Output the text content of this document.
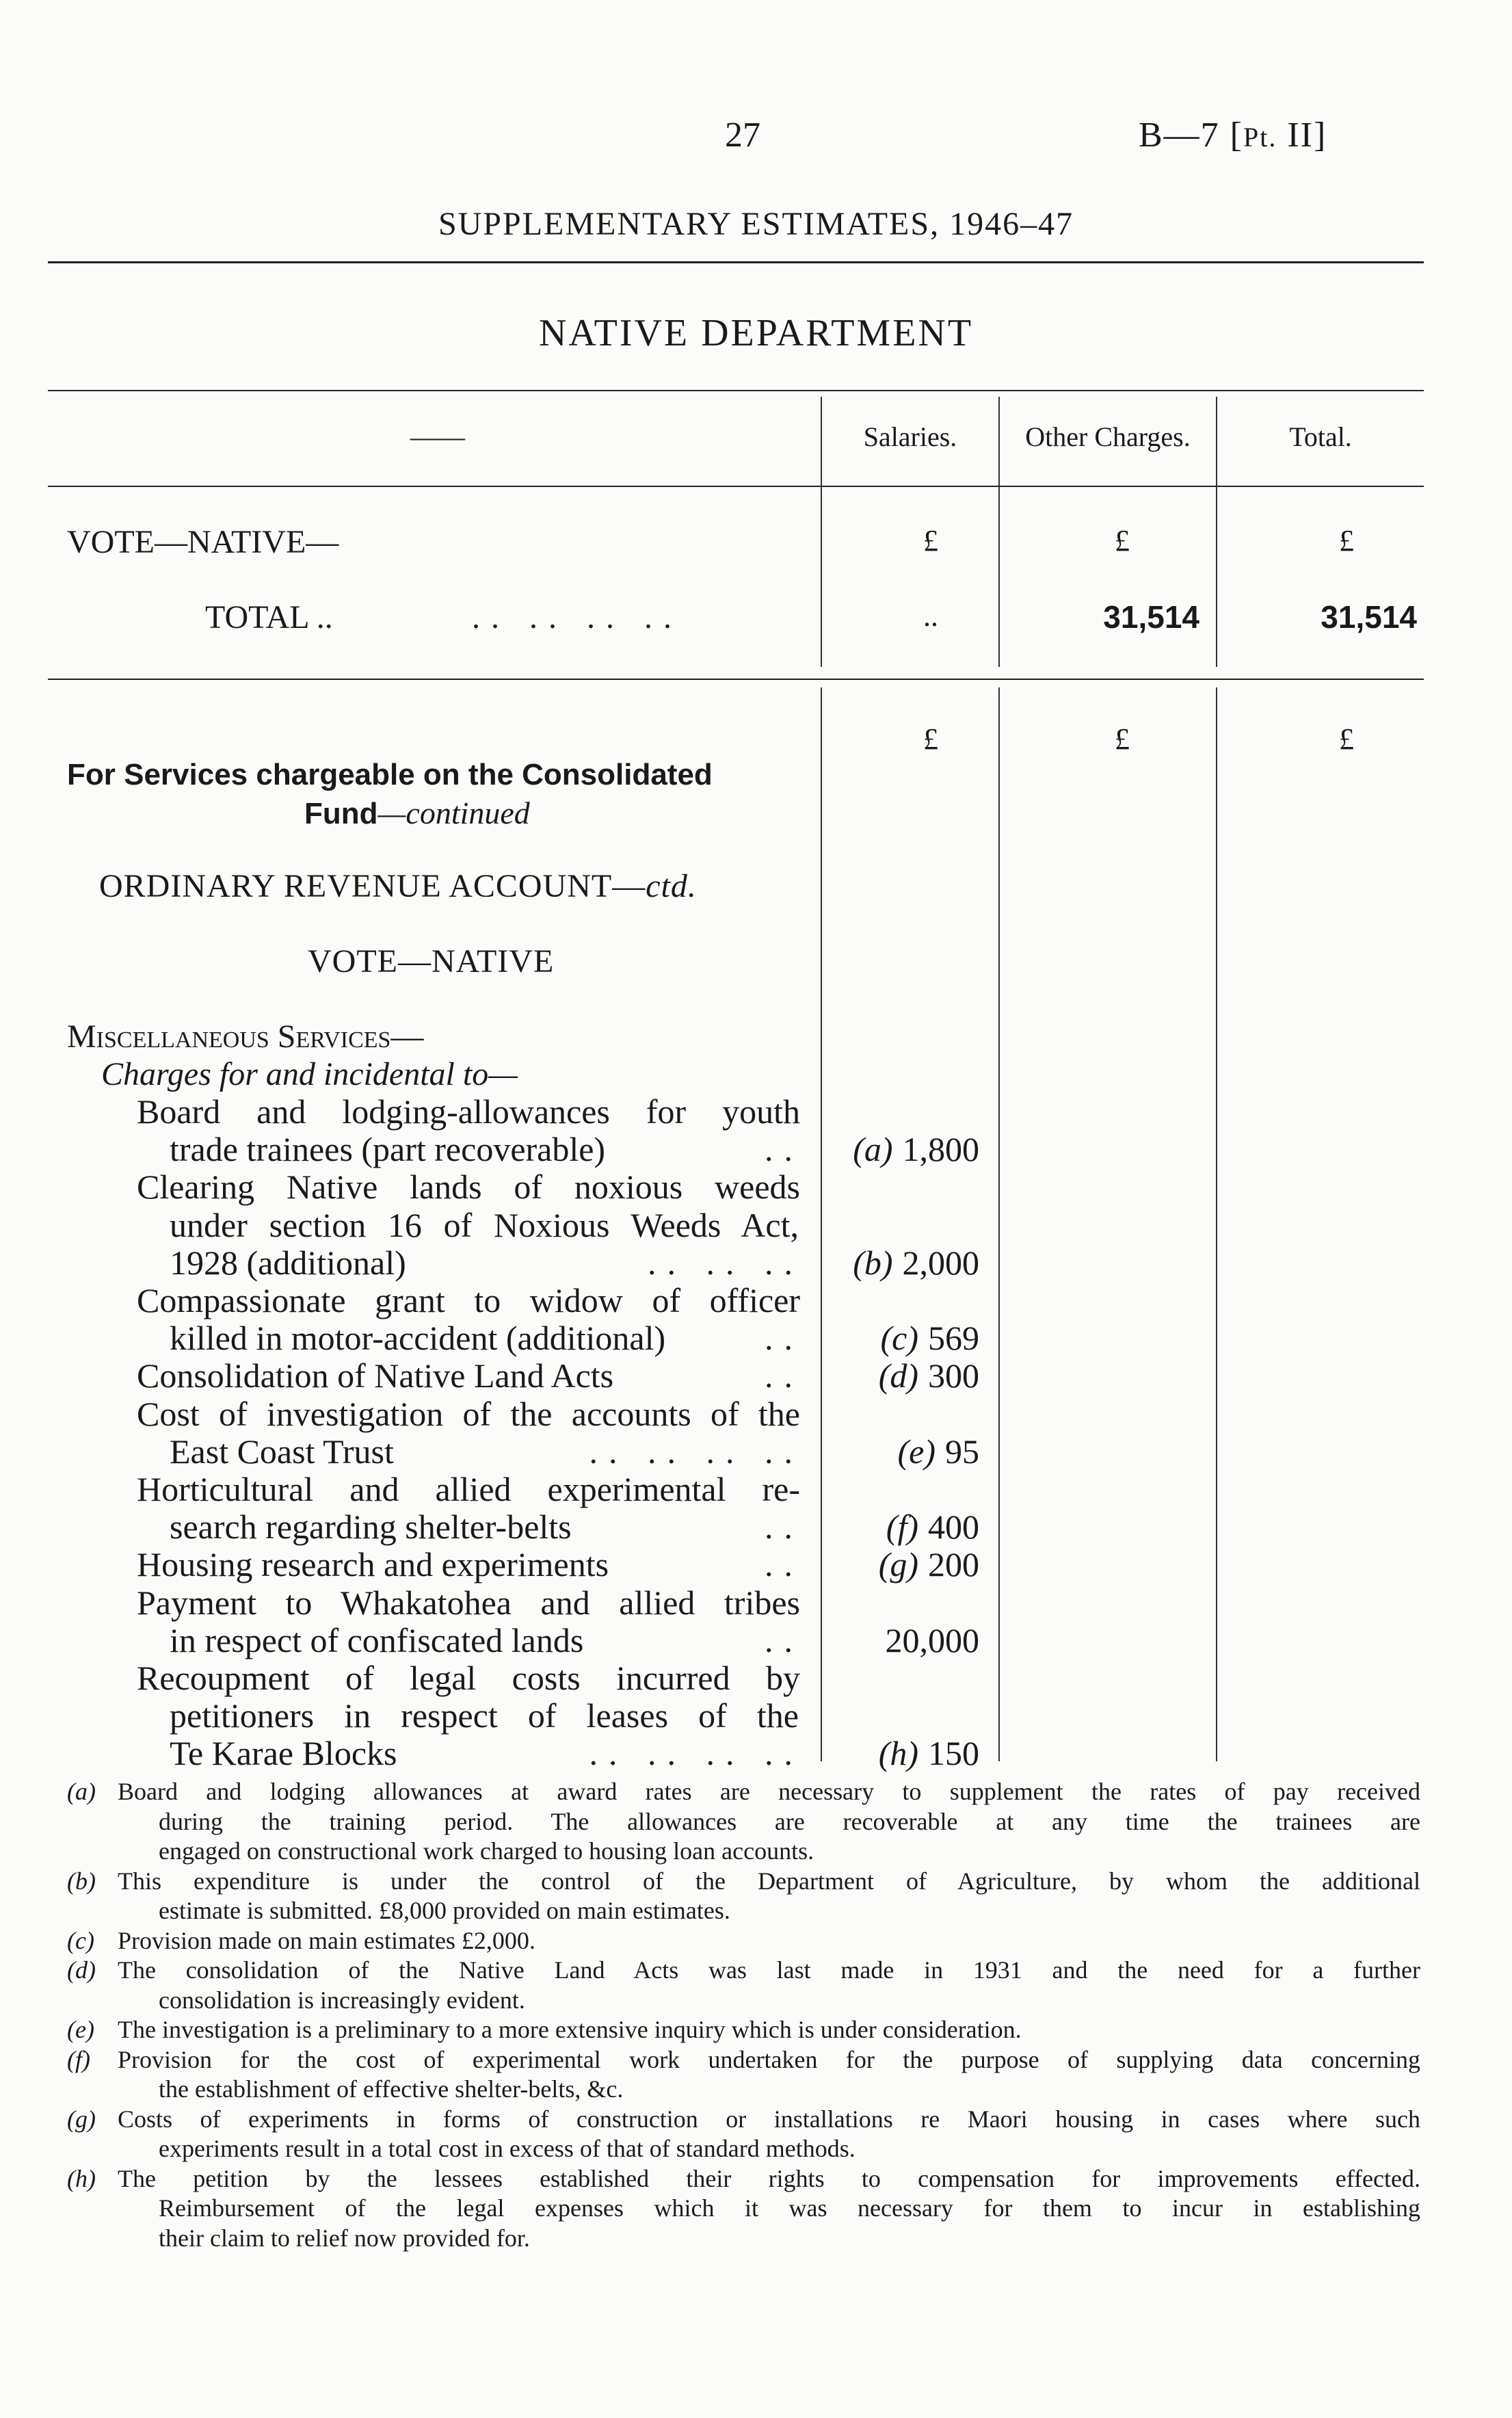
27	B—7 [Pt. II]
SUPPLEMENTARY ESTIMATES, 1946–47
NATIVE DEPARTMENT
——	Salaries.	Other Charges.	Total.
VOTE—NATIVE—	£	£	£
TOTAL ..	.. .. .. ..	..	31,514	31,514
£	£	£
For Services chargeable on the Consolidated
Fund—continued
ORDINARY REVENUE ACCOUNT—ctd.
VOTE—NATIVE
Miscellaneous Services—
Charges for and incidental to—
Board and lodging-allowances for youth
trade trainees (part recoverable)	..	(a) 1,800
Clearing Native lands of noxious weeds
under section 16 of Noxious Weeds Act,
1928 (additional)	.. .. ..	(b) 2,000
Compassionate grant to widow of officer
killed in motor-accident (additional)	..	(c) 569
Consolidation of Native Land Acts	..	(d) 300
Cost of investigation of the accounts of the
East Coast Trust	.. .. .. ..	(e) 95
Horticultural and allied experimental re-
search regarding shelter-belts	..	(f) 400
Housing research and experiments	..	(g) 200
Payment to Whakatohea and allied tribes
in respect of confiscated lands	..	20,000
Recoupment of legal costs incurred by
petitioners in respect of leases of the
Te Karae Blocks	.. .. .. ..	(h) 150
(a) Board and lodging allowances at award rates are necessary to supplement the rates of pay received
during the training period. The allowances are recoverable at any time the trainees are
engaged on constructional work charged to housing loan accounts.
(b) This expenditure is under the control of the Department of Agriculture, by whom the additional
estimate is submitted. £8,000 provided on main estimates.
(c) Provision made on main estimates £2,000.
(d) The consolidation of the Native Land Acts was last made in 1931 and the need for a further
consolidation is increasingly evident.
(e) The investigation is a preliminary to a more extensive inquiry which is under consideration.
(f) Provision for the cost of experimental work undertaken for the purpose of supplying data concerning
the establishment of effective shelter-belts, &c.
(g) Costs of experiments in forms of construction or installations re Maori housing in cases where such
experiments result in a total cost in excess of that of standard methods.
(h) The petition by the lessees established their rights to compensation for improvements effected.
Reimbursement of the legal expenses which it was necessary for them to incur in establishing
their claim to relief now provided for.
